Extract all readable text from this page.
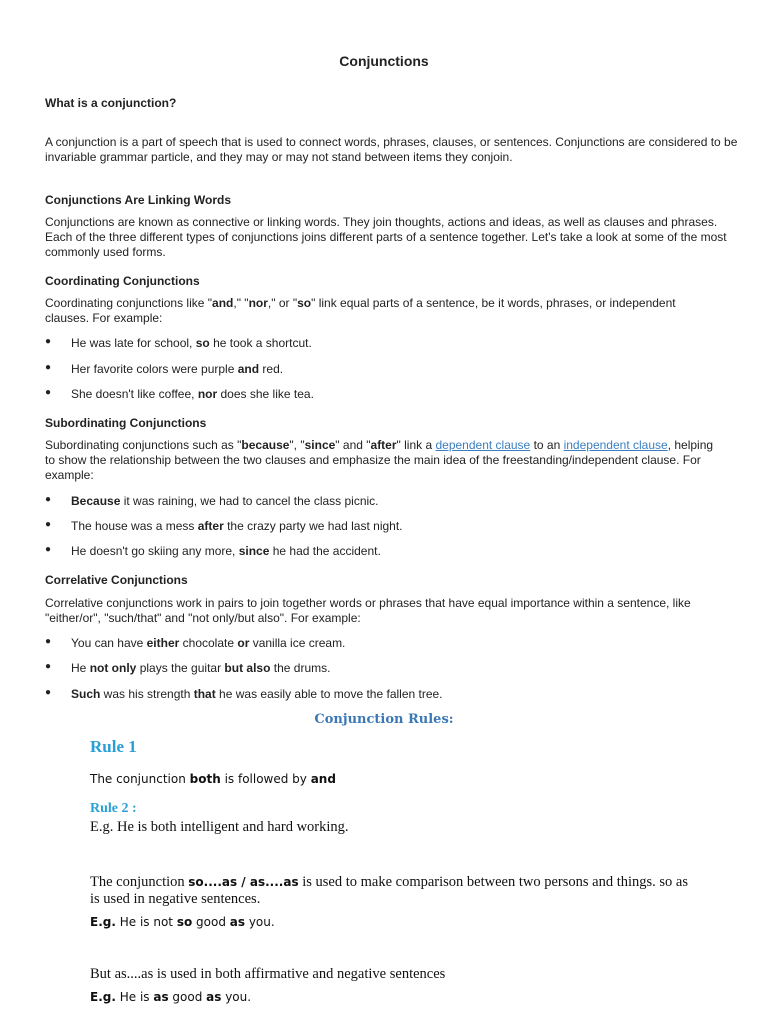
Conjunctions
What is a conjunction?
A conjunction is a part of speech that is used to connect words, phrases, clauses, or sentences. Conjunctions are considered to be invariable grammar particle, and they may or may not stand between items they conjoin.
Conjunctions Are Linking Words
Conjunctions are known as connective or linking words. They join thoughts, actions and ideas, as well as clauses and phrases. Each of the three different types of conjunctions joins different parts of a sentence together. Let's take a look at some of the most commonly used forms.
Coordinating Conjunctions
Coordinating conjunctions like "and," "nor," or "so" link equal parts of a sentence, be it words, phrases, or independent clauses. For example:
● He was late for school, so he took a shortcut.
● Her favorite colors were purple and red.
● She doesn't like coffee, nor does she like tea.
Subordinating Conjunctions
Subordinating conjunctions such as "because", "since" and "after" link a dependent clause to an independent clause, helping to show the relationship between the two clauses and emphasize the main idea of the freestanding/independent clause. For example:
● Because it was raining, we had to cancel the class picnic.
● The house was a mess after the crazy party we had last night.
● He doesn't go skiing any more, since he had the accident.
Correlative Conjunctions
Correlative conjunctions work in pairs to join together words or phrases that have equal importance within a sentence, like "either/or", "such/that" and "not only/but also". For example:
● You can have either chocolate or vanilla ice cream.
● He not only plays the guitar but also the drums.
● Such was his strength that he was easily able to move the fallen tree.
Conjunction Rules:
Rule 1
The conjunction both is followed by and
Rule 2 :
E.g. He is both intelligent and hard working.
The conjunction so....as / as....as is used to make comparison between two persons and things. so as is used in negative sentences.
E.g. He is not so good as you.
But as....as is used in both affirmative and negative sentences
E.g. He is as good as you.
